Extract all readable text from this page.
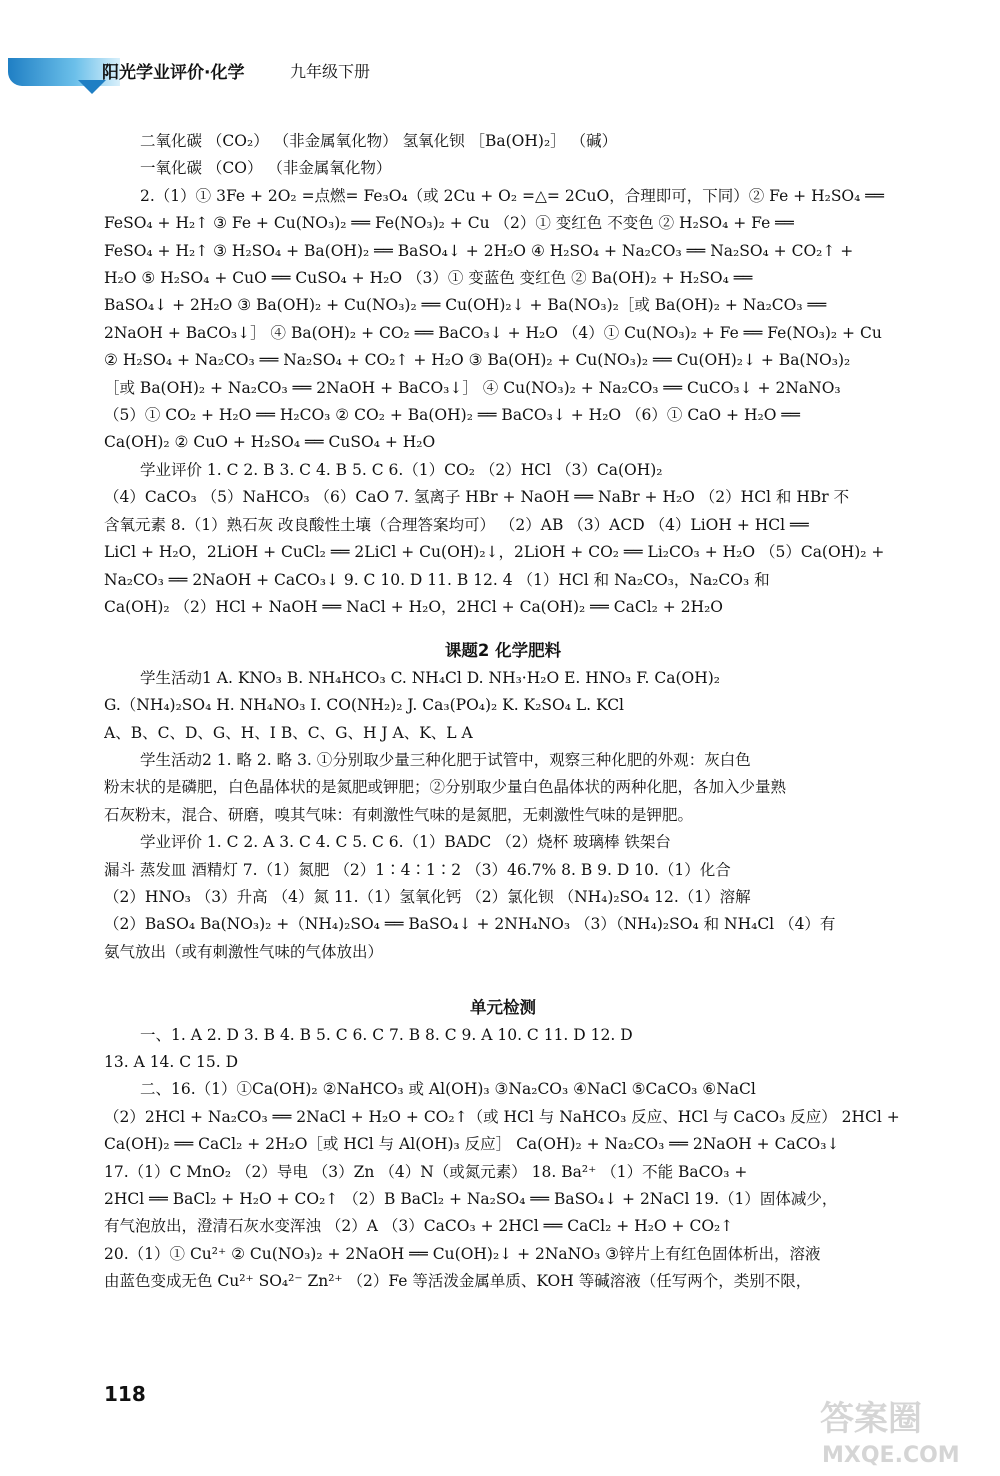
阳光学业评价·化学	九年级下册
二氧化碳 （CO₂） （非金属氧化物） 氢氧化钡 ［Ba(OH)₂］ （碱）
一氧化碳 （CO） （非金属氧化物）
2.（1）① 3Fe + 2O₂ =点燃= Fe₃O₄（或 2Cu + O₂ =△= 2CuO，合理即可，下同）② Fe + H₂SO₄ ══
FeSO₄ + H₂↑ ③ Fe + Cu(NO₃)₂ ══ Fe(NO₃)₂ + Cu （2）① 变红色 不变色 ② H₂SO₄ + Fe ══
FeSO₄ + H₂↑ ③ H₂SO₄ + Ba(OH)₂ ══ BaSO₄↓ + 2H₂O ④ H₂SO₄ + Na₂CO₃ ══ Na₂SO₄ + CO₂↑ +
H₂O ⑤ H₂SO₄ + CuO ══ CuSO₄ + H₂O （3）① 变蓝色 变红色 ② Ba(OH)₂ + H₂SO₄ ══
BaSO₄↓ + 2H₂O ③ Ba(OH)₂ + Cu(NO₃)₂ ══ Cu(OH)₂↓ + Ba(NO₃)₂［或 Ba(OH)₂ + Na₂CO₃ ══
2NaOH + BaCO₃↓］ ④ Ba(OH)₂ + CO₂ ══ BaCO₃↓ + H₂O （4）① Cu(NO₃)₂ + Fe ══ Fe(NO₃)₂ + Cu
② H₂SO₄ + Na₂CO₃ ══ Na₂SO₄ + CO₂↑ + H₂O ③ Ba(OH)₂ + Cu(NO₃)₂ ══ Cu(OH)₂↓ + Ba(NO₃)₂
［或 Ba(OH)₂ + Na₂CO₃ ══ 2NaOH + BaCO₃↓］ ④ Cu(NO₃)₂ + Na₂CO₃ ══ CuCO₃↓ + 2NaNO₃
（5）① CO₂ + H₂O ══ H₂CO₃ ② CO₂ + Ba(OH)₂ ══ BaCO₃↓ + H₂O （6）① CaO + H₂O ══
Ca(OH)₂ ② CuO + H₂SO₄ ══ CuSO₄ + H₂O
学业评价 1. C 2. B 3. C 4. B 5. C 6.（1）CO₂ （2）HCl （3）Ca(OH)₂
（4）CaCO₃ （5）NaHCO₃ （6）CaO 7. 氢离子 HBr + NaOH ══ NaBr + H₂O （2）HCl 和 HBr 不
含氧元素 8.（1）熟石灰 改良酸性土壤（合理答案均可） （2）AB （3）ACD （4）LiOH + HCl ══
LiCl + H₂O，2LiOH + CuCl₂ ══ 2LiCl + Cu(OH)₂↓，2LiOH + CO₂ ══ Li₂CO₃ + H₂O （5）Ca(OH)₂ +
Na₂CO₃ ══ 2NaOH + CaCO₃↓ 9. C 10. D 11. B 12. 4 （1）HCl 和 Na₂CO₃，Na₂CO₃ 和
Ca(OH)₂ （2）HCl + NaOH ══ NaCl + H₂O，2HCl + Ca(OH)₂ ══ CaCl₂ + 2H₂O
课题2 化学肥料
学生活动1 A. KNO₃ B. NH₄HCO₃ C. NH₄Cl D. NH₃·H₂O E. HNO₃ F. Ca(OH)₂
G.（NH₄)₂SO₄ H. NH₄NO₃ I. CO(NH₂)₂ J. Ca₃(PO₄)₂ K. K₂SO₄ L. KCl
A、B、C、D、G、H、I B、C、G、H J A、K、L A
学生活动2 1. 略 2. 略 3. ①分别取少量三种化肥于试管中，观察三种化肥的外观：灰白色
粉末状的是磷肥，白色晶体状的是氮肥或钾肥；②分别取少量白色晶体状的两种化肥，各加入少量熟
石灰粉末，混合、研磨，嗅其气味：有刺激性气味的是氮肥，无刺激性气味的是钾肥。
学业评价 1. C 2. A 3. C 4. C 5. C 6.（1）BADC （2）烧杯 玻璃棒 铁架台
漏斗 蒸发皿 酒精灯 7.（1）氮肥 （2）1∶4∶1∶2 （3）46.7% 8. B 9. D 10.（1）化合
（2）HNO₃ （3）升高 （4）氮 11.（1）氢氧化钙 （2）氯化钡 （NH₄)₂SO₄ 12.（1）溶解
（2）BaSO₄ Ba(NO₃)₂ +（NH₄)₂SO₄ ══ BaSO₄↓ + 2NH₄NO₃ （3）（NH₄)₂SO₄ 和 NH₄Cl （4）有
氨气放出（或有刺激性气味的气体放出）
单元检测
一、1. A 2. D 3. B 4. B 5. C 6. C 7. B 8. C 9. A 10. C 11. D 12. D
13. A 14. C 15. D
二、16.（1）①Ca(OH)₂ ②NaHCO₃ 或 Al(OH)₃ ③Na₂CO₃ ④NaCl ⑤CaCO₃ ⑥NaCl
（2）2HCl + Na₂CO₃ ══ 2NaCl + H₂O + CO₂↑（或 HCl 与 NaHCO₃ 反应、HCl 与 CaCO₃ 反应） 2HCl +
Ca(OH)₂ ══ CaCl₂ + 2H₂O［或 HCl 与 Al(OH)₃ 反应］ Ca(OH)₂ + Na₂CO₃ ══ 2NaOH + CaCO₃↓
17.（1）C MnO₂ （2）导电 （3）Zn （4）N（或氮元素） 18. Ba²⁺ （1）不能 BaCO₃ +
2HCl ══ BaCl₂ + H₂O + CO₂↑ （2）B BaCl₂ + Na₂SO₄ ══ BaSO₄↓ + 2NaCl 19.（1）固体减少，
有气泡放出，澄清石灰水变浑浊 （2）A （3）CaCO₃ + 2HCl ══ CaCl₂ + H₂O + CO₂↑
20.（1）① Cu²⁺ ② Cu(NO₃)₂ + 2NaOH ══ Cu(OH)₂↓ + 2NaNO₃ ③锌片上有红色固体析出，溶液
由蓝色变成无色 Cu²⁺ SO₄²⁻ Zn²⁺ （2）Fe 等活泼金属单质、KOH 等碱溶液（任写两个，类别不限，
118
答案圈
MXQE.COM
